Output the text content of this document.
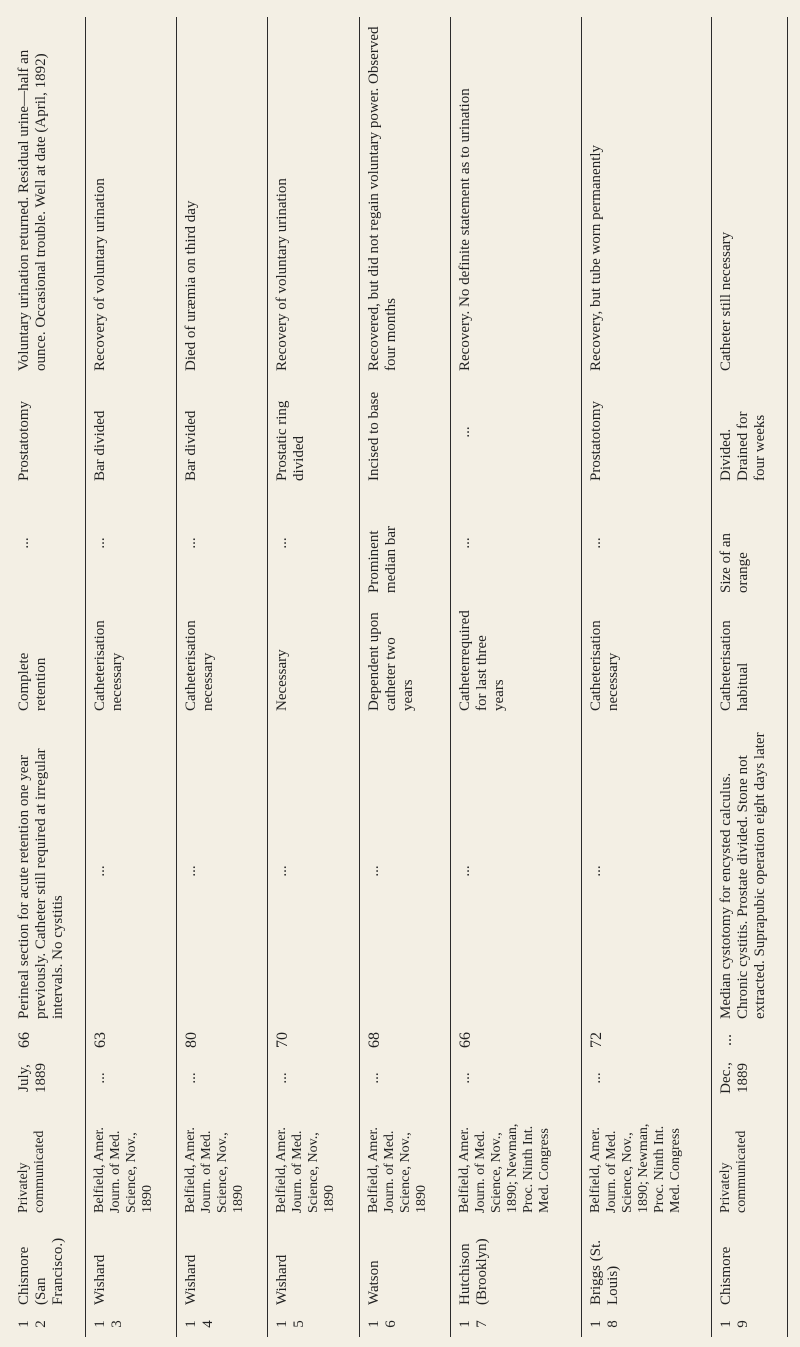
12	Chismore (San Francisco.)	Privately communicated	July, 1889	66	Perineal section for acute retention one year previously. Catheter still required at irregular intervals. No cystitis	Complete retention	...	Prostatotomy	Voluntary urination returned. Residual urine—half an ounce. Occasional trouble. Well at date (April, 1892)
13	Wishard	Belfield, Amer. Journ. of Med. Science, Nov., 1890	...	63	...	Catheterisation necessary	...	Bar divided	Recovery of voluntary urination
14	Wishard	Belfield, Amer. Journ. of Med. Science, Nov., 1890	...	80	...	Catheterisation necessary	...	Bar divided	Died of uræmia on third day
15	Wishard	Belfield, Amer. Journ. of Med. Science, Nov., 1890	...	70	...	Necessary	...	Prostatic ring divided	Recovery of voluntary urination
16	Watson	Belfield, Amer. Journ. of Med. Science, Nov., 1890	...	68	...	Dependent upon catheter two years	Prominent median bar	Incised to base	Recovered, but did not regain voluntary power. Observed four months
17	Hutchison (Brooklyn)	Belfield, Amer. Journ. of Med. Science, Nov., 1890; Newman, Proc. Ninth Int. Med. Congress	...	66	...	Catheterrequired for last three years	...	...	Recovery. No definite statement as to urination
18	Briggs (St. Louis)	Belfield, Amer. Journ. of Med. Science, Nov., 1890; Newman, Proc. Ninth Int. Med. Congress	...	72	...	Catheterisation necessary	...	Prostatotomy	Recovery, but tube worn permanently
19	Chismore	Privately communicated	Dec., 1889	...	Median cystotomy for encysted calculus. Chronic cystitis. Prostate divided. Stone not extracted. Suprapubic operation eight days later	Catheterisation habitual	Size of an orange	Divided. Drained for four weeks	Catheter still necessary
